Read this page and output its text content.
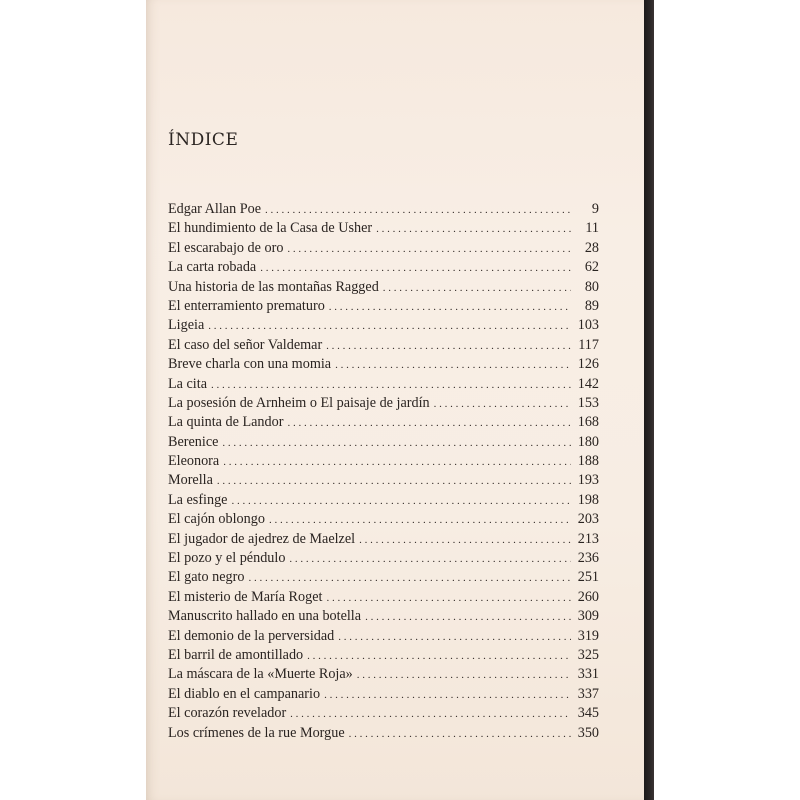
ÍNDICE
Edgar Allan Poe . . .	9
El hundimiento de la Casa de Usher . . .	11
El escarabajo de oro . . .	28
La carta robada . . .	62
Una historia de las montañas Ragged . . .	80
El enterramiento prematuro . . .	89
Ligeia . . .	103
El caso del señor Valdemar . . .	117
Breve charla con una momia . . .	126
La cita . . .	142
La posesión de Arnheim o El paisaje de jardín . . .	153
La quinta de Landor . . .	168
Berenice . . .	180
Eleonora . . .	188
Morella . . .	193
La esfinge . . .	198
El cajón oblongo . . .	203
El jugador de ajedrez de Maelzel . . .	213
El pozo y el péndulo . . .	236
El gato negro . . .	251
El misterio de María Roget . . .	260
Manuscrito hallado en una botella . . .	309
El demonio de la perversidad . . .	319
El barril de amontillado . . .	325
La máscara de la «Muerte Roja» . . .	331
El diablo en el campanario . . .	337
El corazón revelador . . .	345
Los crímenes de la rue Morgue . . .	350
